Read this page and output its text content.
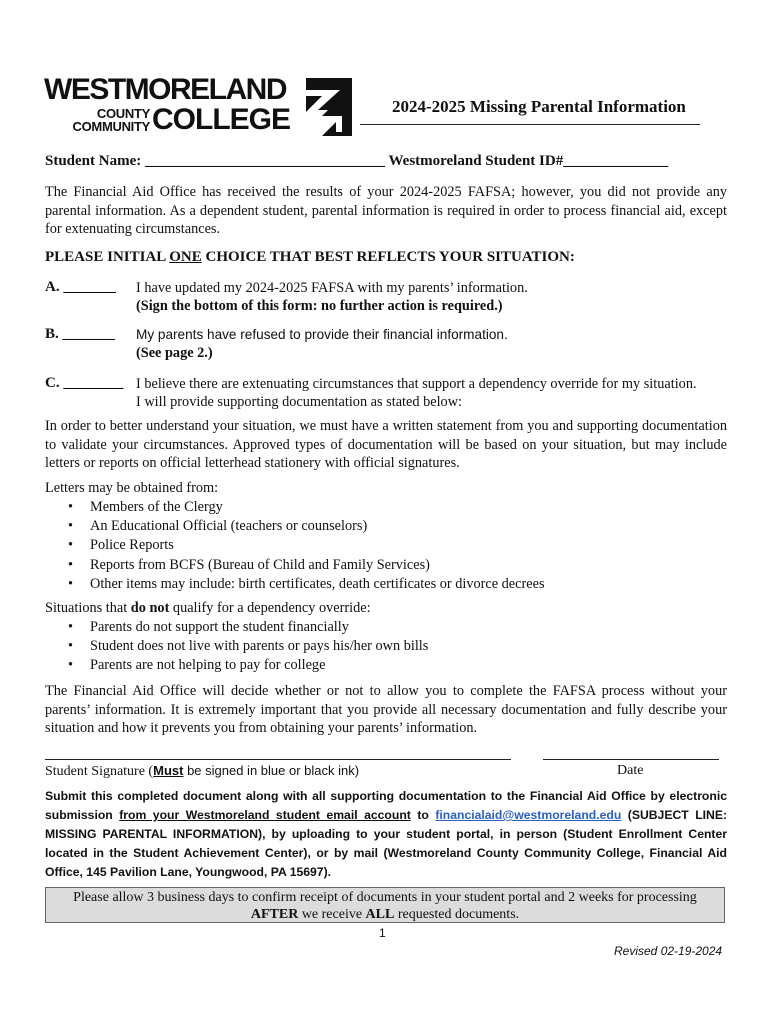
WESTMORELAND
COUNTY
COMMUNITY COLLEGE	2024-2025 Missing Parental Information
Student Name: ________________________________ Westmoreland Student ID#______________
The Financial Aid Office has received the results of your 2024-2025 FAFSA; however, you did not provide any parental information. As a dependent student, parental information is required in order to process financial aid, except for extenuating circumstances.
PLEASE INITIAL ONE CHOICE THAT BEST REFLECTS YOUR SITUATION:
A. _______ I have updated my 2024-2025 FAFSA with my parents’ information.
(Sign the bottom of this form: no further action is required.)
B. _______ My parents have refused to provide their financial information.
(See page 2.)
C. ________ I believe there are extenuating circumstances that support a dependency override for my situation.
I will provide supporting documentation as stated below:
In order to better understand your situation, we must have a written statement from you and supporting documentation to validate your circumstances. Approved types of documentation will be based on your situation, but may include letters or reports on official letterhead stationery with official signatures.
Letters may be obtained from:
• Members of the Clergy
• An Educational Official (teachers or counselors)
• Police Reports
• Reports from BCFS (Bureau of Child and Family Services)
• Other items may include: birth certificates, death certificates or divorce decrees
Situations that do not qualify for a dependency override:
• Parents do not support the student financially
• Student does not live with parents or pays his/her own bills
• Parents are not helping to pay for college
The Financial Aid Office will decide whether or not to allow you to complete the FAFSA process without your parents’ information. It is extremely important that you provide all necessary documentation and fully describe your situation and how it prevents you from obtaining your parents’ information.
Student Signature (Must be signed in blue or black ink)	Date
Submit this completed document along with all supporting documentation to the Financial Aid Office by electronic submission from your Westmoreland student email account to financialaid@westmoreland.edu (SUBJECT LINE: MISSING PARENTAL INFORMATION), by uploading to your student portal, in person (Student Enrollment Center located in the Student Achievement Center), or by mail (Westmoreland County Community College, Financial Aid Office, 145 Pavilion Lane, Youngwood, PA 15697).
Please allow 3 business days to confirm receipt of documents in your student portal and 2 weeks for processing
AFTER we receive ALL requested documents.
1
Revised 02-19-2024
